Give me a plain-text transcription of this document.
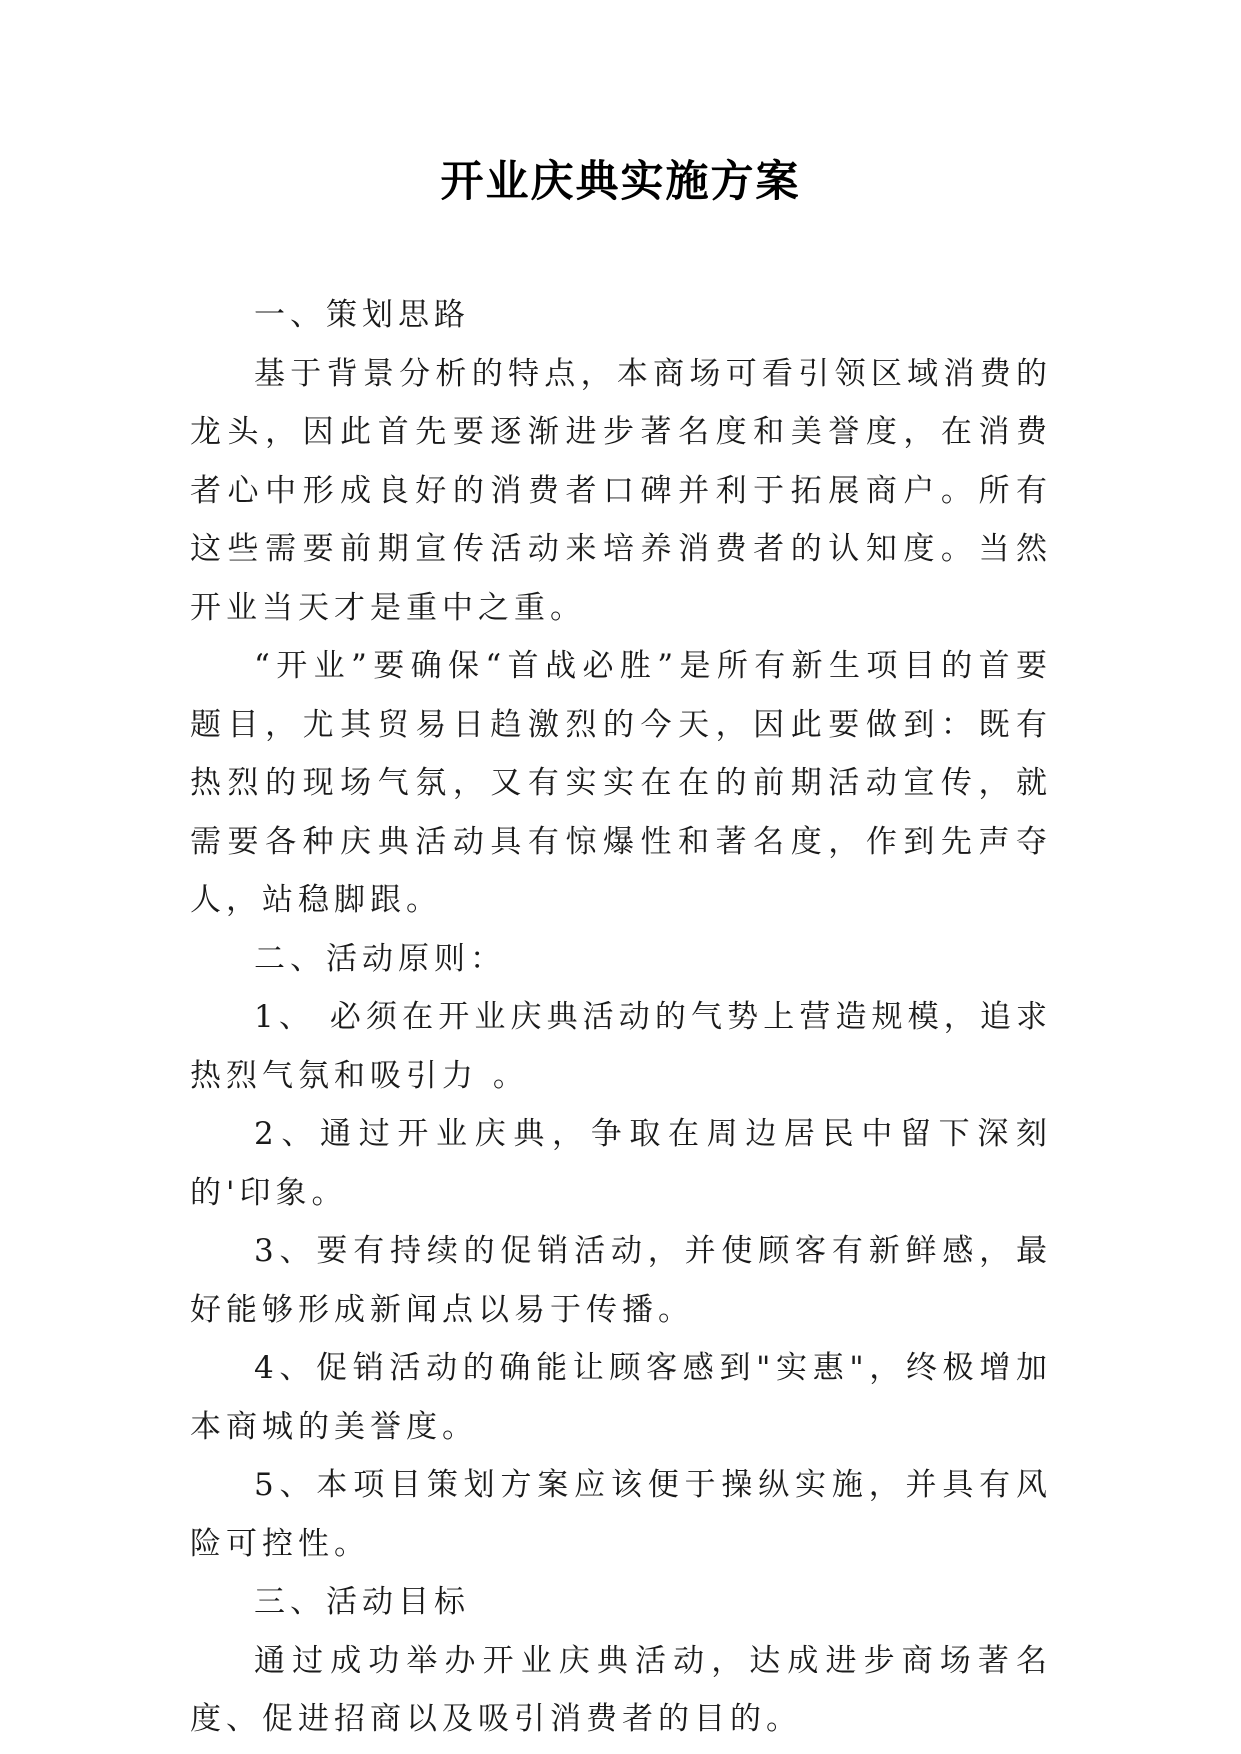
开业庆典实施方案

一、策划思路

基于背景分析的特点，本商场可看引领区域消费的龙头，因此首先要逐渐进步著名度和美誉度，在消费者心中形成良好的消费者口碑并利于拓展商户。所有这些需要前期宣传活动来培养消费者的认知度。当然开业当天才是重中之重。

“开业”要确保“首战必胜”是所有新生项目的首要题目，尤其贸易日趋激烈的今天，因此要做到：既有热烈的现场气氛，又有实实在在的前期活动宣传，就需要各种庆典活动具有惊爆性和著名度，作到先声夺人，站稳脚跟。

二、活动原则：

1、 必须在开业庆典活动的气势上营造规模，追求热烈气氛和吸引力 。

2、通过开业庆典，争取在周边居民中留下深刻的'印象。

3、要有持续的促销活动，并使顾客有新鲜感，最好能够形成新闻点以易于传播。

4、促销活动的确能让顾客感到"实惠"，终极增加本商城的美誉度。

5、本项目策划方案应该便于操纵实施，并具有风险可控性。

三、活动目标

通过成功举办开业庆典活动，达成进步商场著名度、促进招商以及吸引消费者的目的。
